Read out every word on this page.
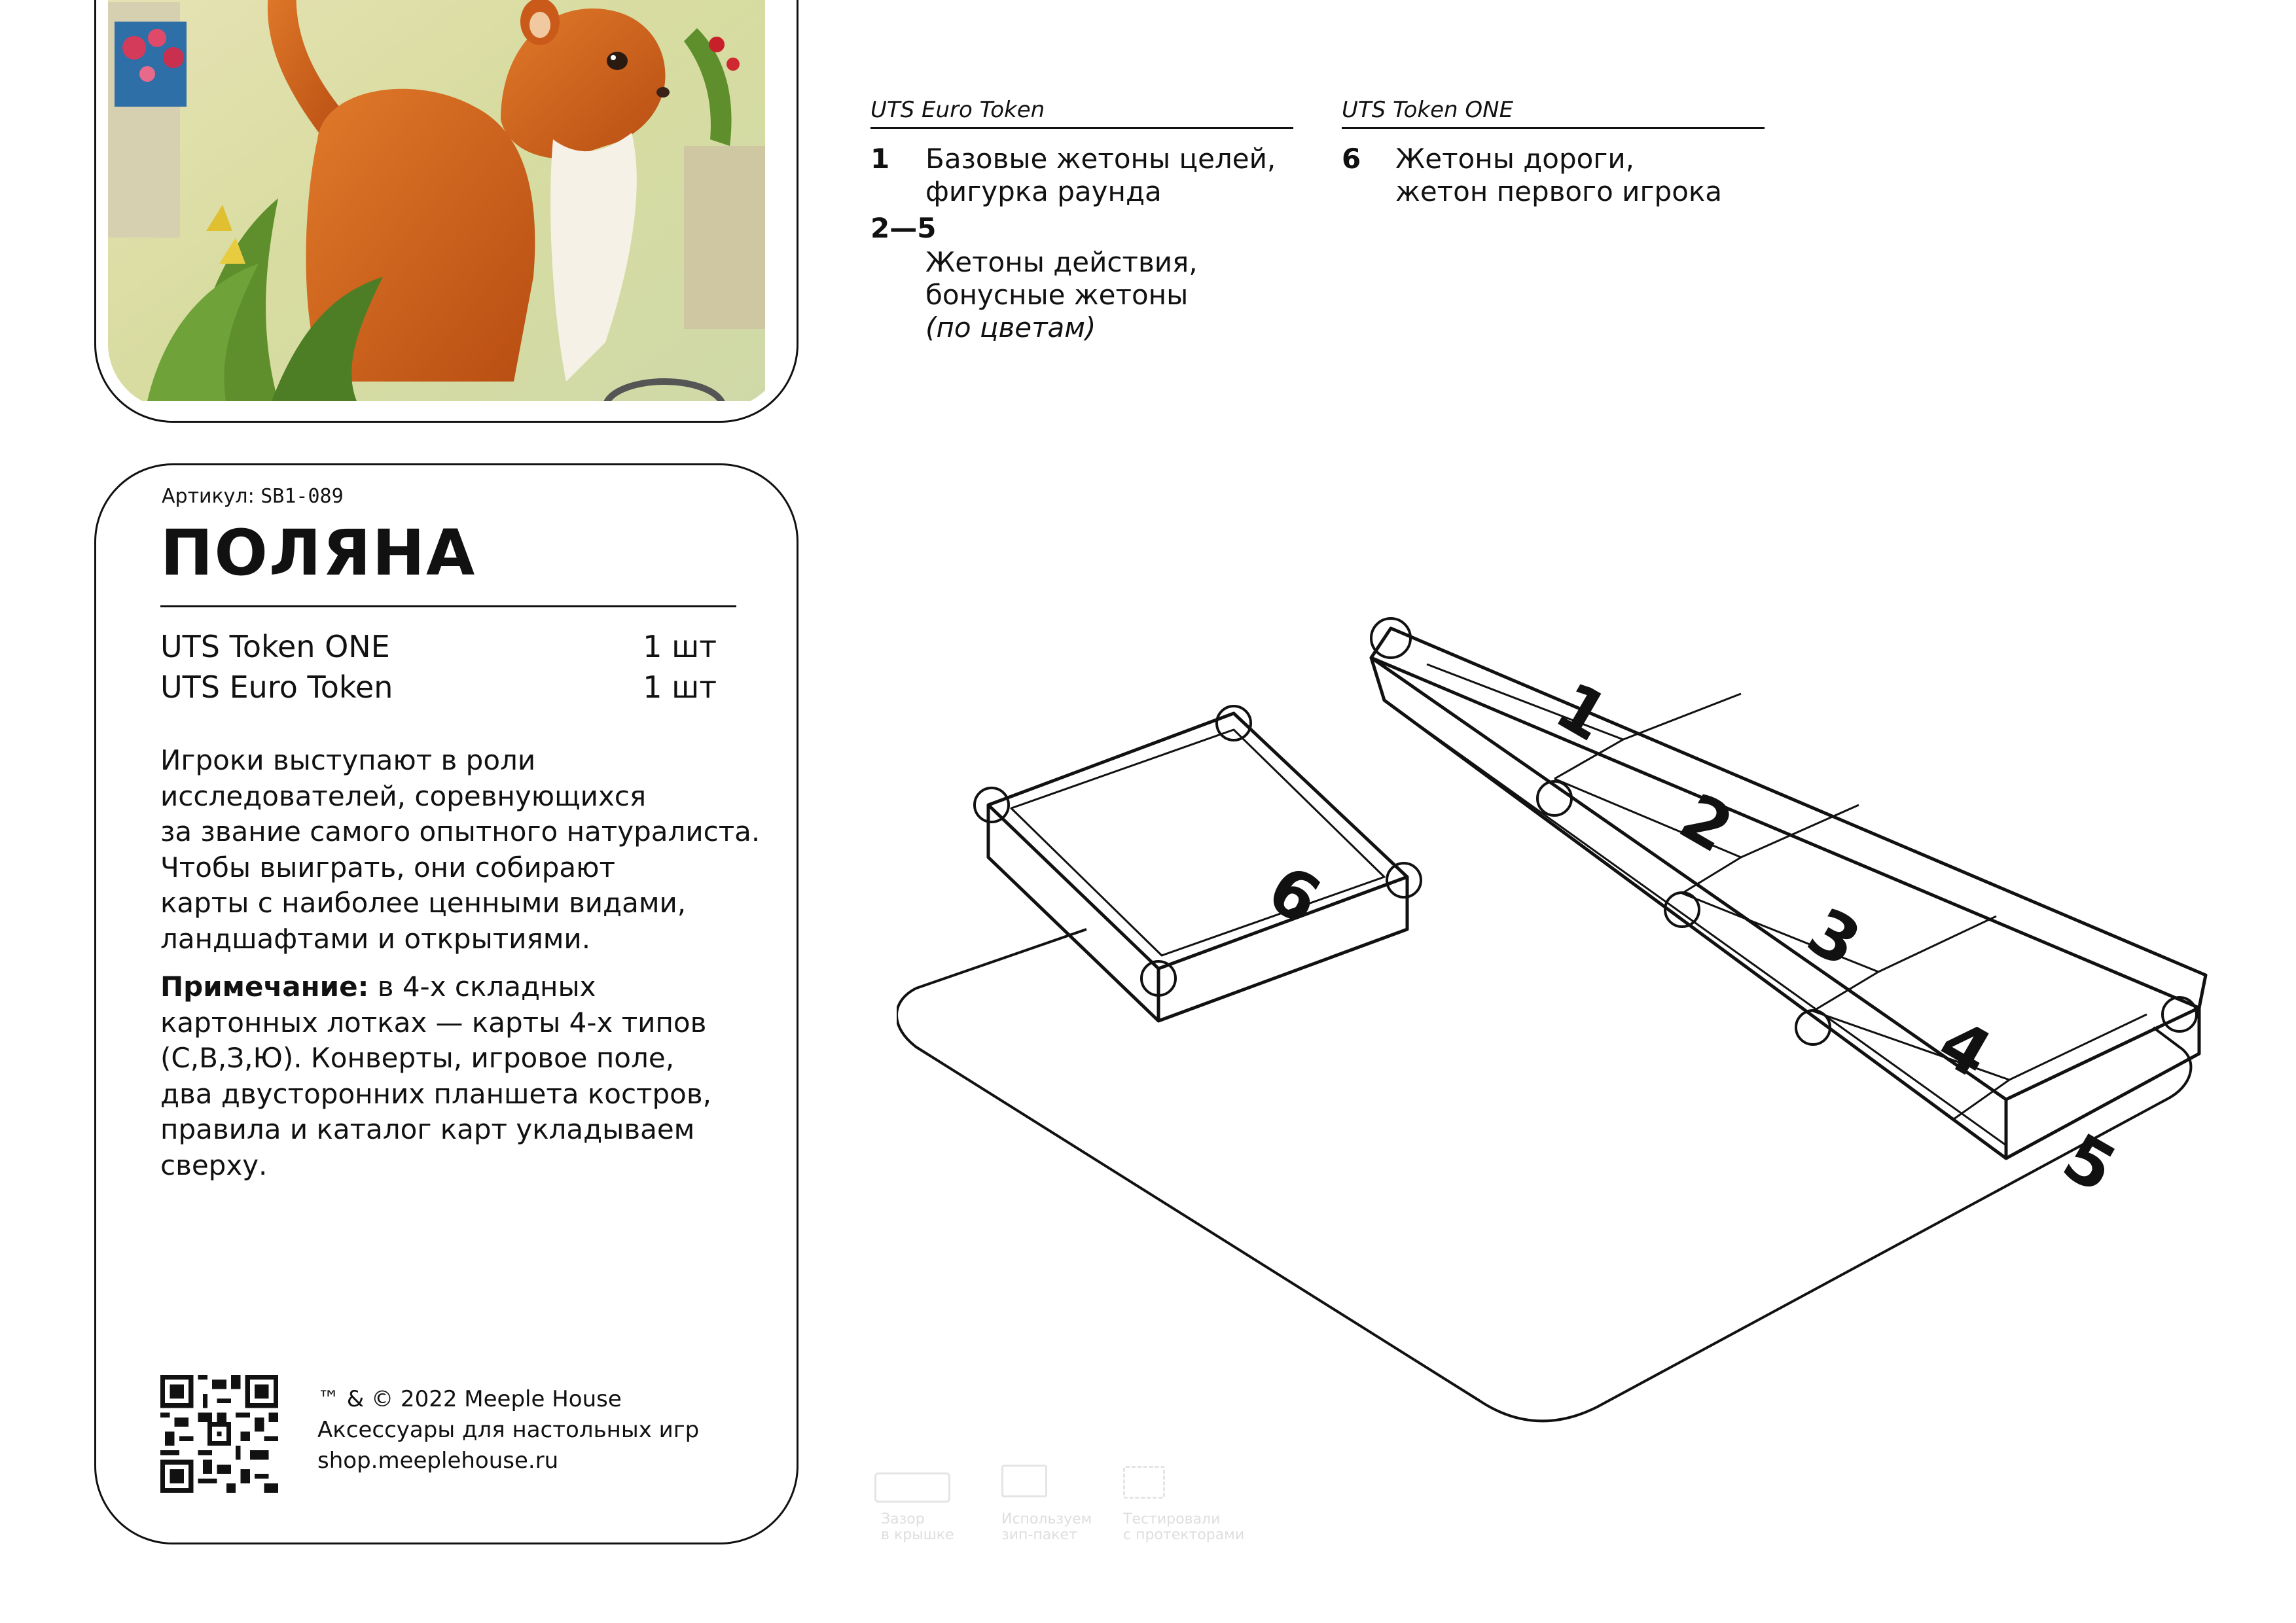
Артикул: SB1-089
ПОЛЯНА
UTS Token ONE	1 шт
UTS Euro Token	1 шт
Игроки выступают в роли
исследователей, соревнующихся
за звание самого опытного натуралиста.
Чтобы выиграть, они собирают
карты с наиболее ценными видами,
ландшафтами и открытиями.
Примечание: в 4-х складных
картонных лотках — карты 4-х типов
(С,В,З,Ю). Конверты, игровое поле,
два двусторонних планшета костров,
правила и каталог карт укладываем
сверху.
™ & © 2022 Meeple House
Аксессуары для настольных игр
shop.meeplehouse.ru
UTS Euro Token
1 Базовые жетоны целей,
фигурка раунда
2—5
Жетоны действия,
бонусные жетоны
(по цветам)
UTS Token ONE
6 Жетоны дороги,
жетон первого игрока
1
2
3
4
5
6
Зазор
в крышке
Используем
зип-пакет
Тестировали
с протекторами
